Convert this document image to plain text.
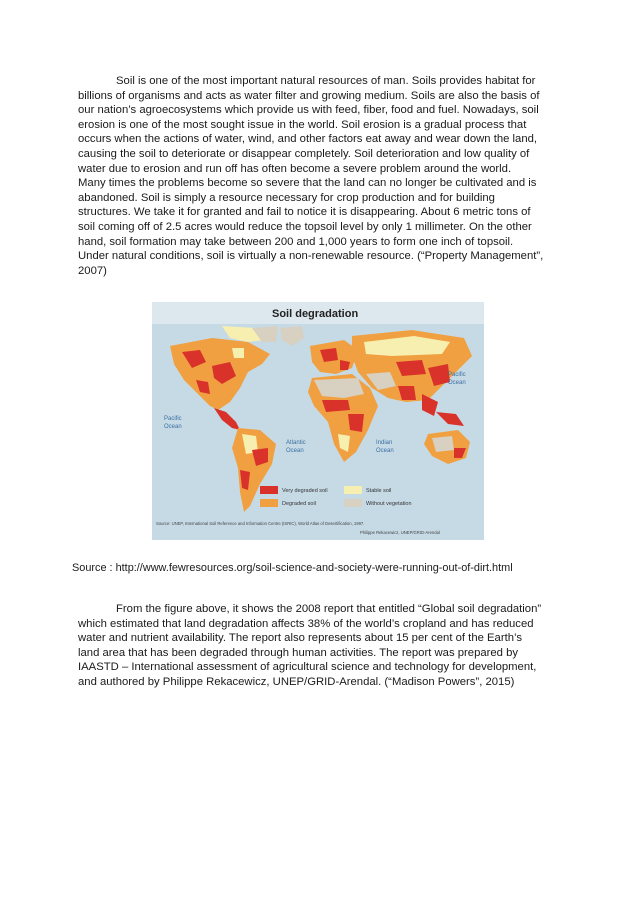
Soil is one of the most important natural resources of man. Soils provides habitat for
billions of organisms and acts as water filter and growing medium. Soils are also the basis of
our nation’s agroecosystems which provide us with feed, fiber, food and fuel. Nowadays, soil
erosion is one of the most sought issue in the world. Soil erosion is a gradual process that
occurs when the actions of water, wind, and other factors eat away and wear down the land,
causing the soil to deteriorate or disappear completely. Soil deterioration and low quality of
water due to erosion and run off has often become a severe problem around the world.
Many times the problems become so severe that the land can no longer be cultivated and is
abandoned. Soil is simply a resource necessary for crop production and for building
structures. We take it for granted and fail to notice it is disappearing. About 6 metric tons of
soil coming off of 2.5 acres would reduce the topsoil level by only 1 millimeter. On the other
hand, soil formation may take between 200 and 1,000 years to form one inch of topsoil.
Under natural conditions, soil is virtually a non-renewable resource. (“Property Management”,
2007)

Soil degradation
Pacific
Ocean
Pacific
Ocean
Atlantic
Ocean
Indian
Ocean
Very degraded soil	Stable soil
Degraded soil	Without vegetation
Source: UNEP, International Soil Reference and Information Centre (ISRIC), World Atlas of Desertification, 1997.
Philippe Rekacewicz, UNEP/GRID-Arendal

Source : http://www.fewresources.org/soil-science-and-society-were-running-out-of-dirt.html

From the figure above, it shows the 2008 report that entitled “Global soil degradation”
which estimated that land degradation affects 38% of the world’s cropland and has reduced
water and nutrient availability. The report also represents about 15 per cent of the Earth’s
land area that has been degraded through human activities. The report was prepared by
IAASTD – International assessment of agricultural science and technology for development,
and authored by Philippe Rekacewicz, UNEP/GRID-Arendal. (“Madison Powers”, 2015)
